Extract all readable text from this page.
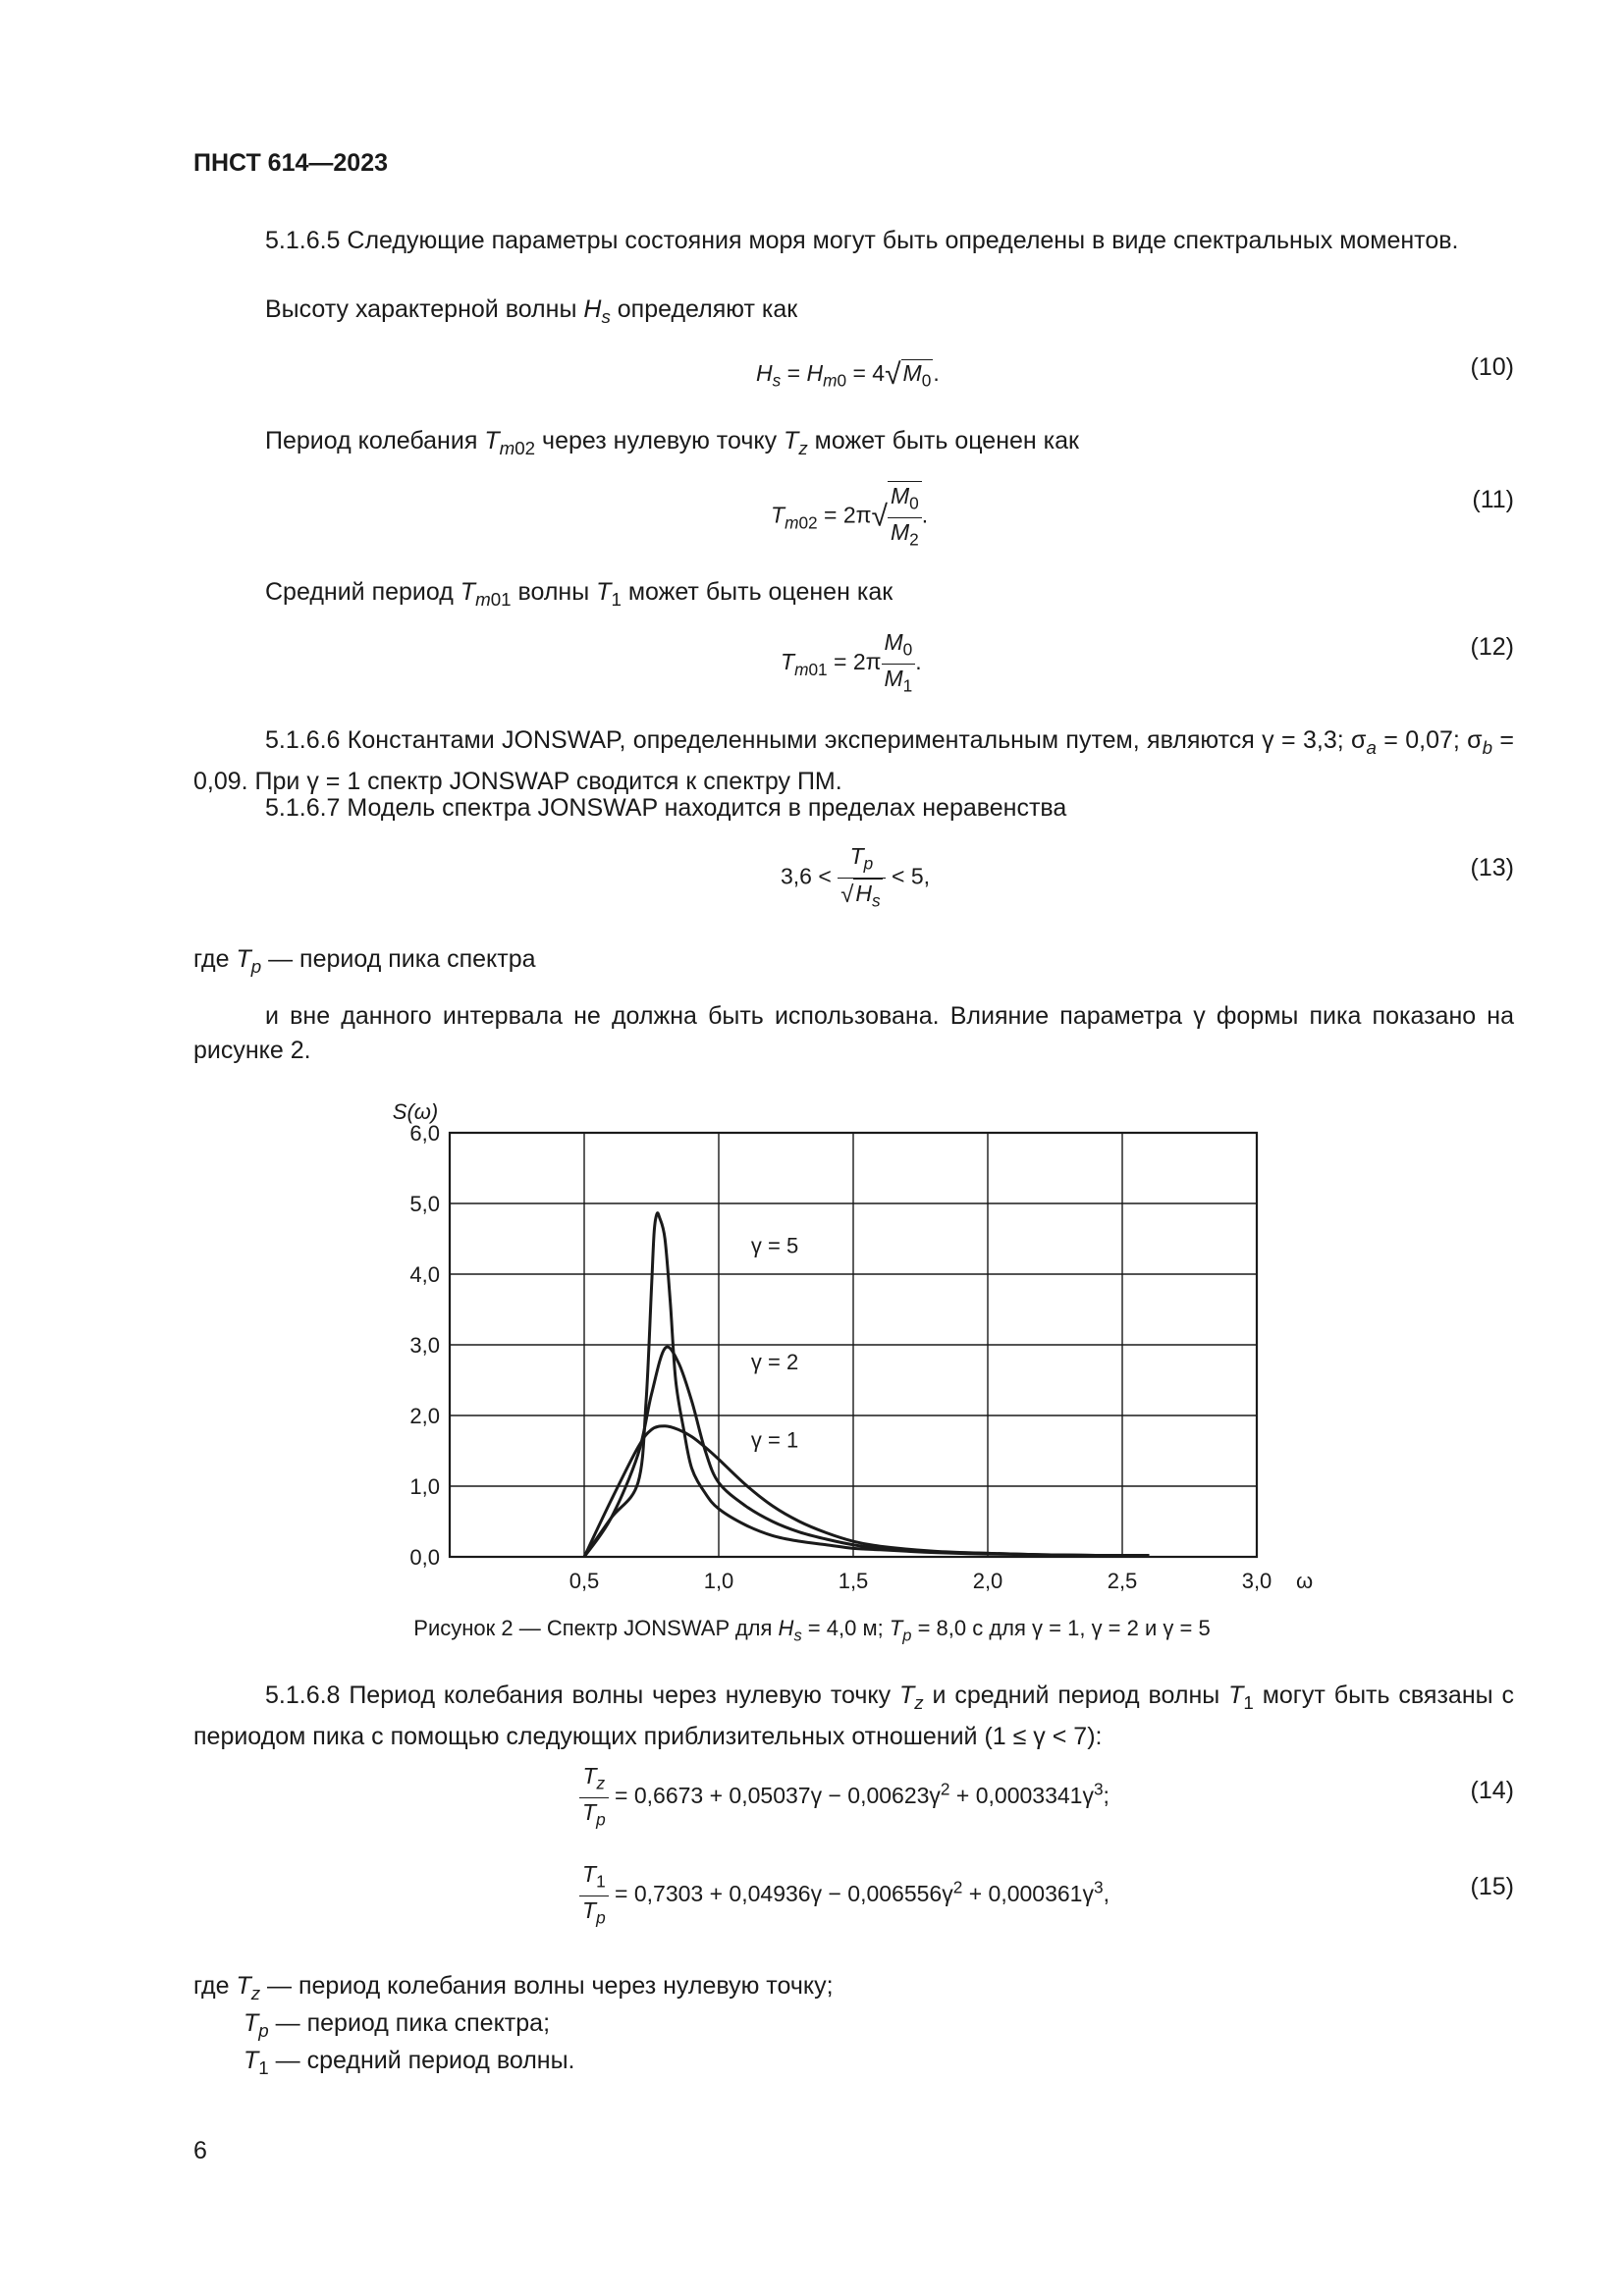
ПНСТ 614—2023
5.1.6.5 Следующие параметры состояния моря могут быть определены в виде спектральных моментов.
Высоту характерной волны $H_s$ определяют как
$H_s = H_{m0} = 4√M_0$.	(10)
Период колебания $T_{m02}$ через нулевую точку $T_z$ может быть оценен как
$T_{m02} = 2\pi√ \frac{M_0}{M_2}$ .
(11)
Средний период $T_{m01}$ волны $T_1$ может быть оценен как
$T_{m01} = 2\pi \frac{M_0}{M_1}$ .
(12)
5.1.6.6 Константами JONSWAP, определенными экспериментальным путем, являются γ = 3,3; $\sigma_a = 0,07$; $\sigma_b = 0,09$. При γ = 1 спектр JONSWAP сводится к спектру ПМ.
5.1.6.7 Модель спектра JONSWAP находится в пределах неравенства
$3,6 < \frac{T_p}{√H_s} < 5$,	(13)
где $T_p$ — период пика спектра
и вне данного интервала не должна быть использована. Влияние параметра γ формы пика показано на рисунке 2.
0,5	1,0	1,5	2,0	2,5	3,0
0,0
1,0
2,0
3,0
4,0
5,0
6,0
S(ω)
ω
γ = 5
γ = 2
γ = 1
Рисунок 2 — Спектр JONSWAP для $H_s = 4,0$ м; $T_p = 8,0$ с для γ = 1, γ = 2 и γ = 5
5.1.6.8 Период колебания волны через нулевую точку $T_z$ и средний период волны $T_1$ могут быть связаны с периодом пика с помощью следующих приблизительных отношений (1 ≤ γ < 7):
$\frac{T_z}{T_p} = 0,6673 + 0,05037\gamma - 0,00623\gamma^2 + 0,0003341\gamma^3$;	(14)
$\frac{T_1}{T_p} = 0,7303 + 0,04936\gamma - 0,006556\gamma^2 + 0,000361\gamma^3$,	(15)
где $T_z$ — период колебания волны через нулевую точку;
$T_p$ — период пика спектра;
$T_1$ — средний период волны.
6
